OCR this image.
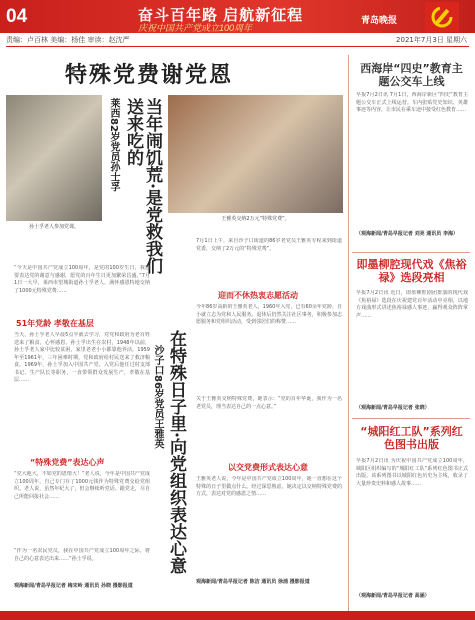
04	奋斗百年路 启航新征程
庆祝中国共产党成立100周年
青岛晚报
责编：卢百林 美编：杨佳 审读：赵沈严	2021年7月3日 星期六
特殊党费谢党恩
孙士孚老人参加党课。	当年闹饥荒·是党救我们送来吃的
莱西82岁党员孙士孚
王雅英交纳2万元“特殊党费”。
“今天是中国共产党成立100周年，是党的100岁生日，我想要表达党的谢意与感谢，愿党的百年生日更加繁荣昌盛。”7月1日一大早，莱西市望城街道孙士孚老人，满怀感恩特地交纳了1000元特殊党费……
51年党龄 孝敬在基层
当天，孙士孚老人早晨5点半就去学习，对党和政府为老百姓送来了粮食，心怀感恩。孙士孚出生在农村，1948年以前，孙士孚老人家中比较贫困，家里老老小小都靠他养活。1959年至1961年，三年困难时期，党和政府给村民送来了救济粮食。1969年，孙士孚加入中国共产党。入党后他任过村支部书记、生产队长等职务，一直带领群众发展生产，孝敬在基层……
“特殊党费”表达心声
“党大地大，不如党的恩情大！”老人说，今年是中国共产党成立100周年，自己专门存了1000元钱作为特殊党费交给党组织。老人说，虽然年纪大了，但会继续听党话、跟党走，尽自己所能回报社会……
“作为一名农民党员，我在中国共产党成立100周年之际，将自己的心意表达出来……”孙士孚说。
观海新闻/青岛早报记者 梅宋岭 通讯员 孙晓 摄影报道
在特殊日子里·向党组织表达心意
沙子口86岁党员王雅英
7月1日上午，来自沙子口街道的86岁老党员王雅英专程来到街道党委，交纳了2万元的“特殊党费”。
迎而不休热衷志愿活动
今年86岁高龄的王雅英老人，1960年入党，已有60余年党龄，自小就立志为党和人民服务。退休后仍然关注社区事务，积极参加志愿服务和党组织活动，受到邻居们的称赞……
关于王雅英交纳特殊党费，她表示：“党的百年华诞，我作为一名老党员，理当表达自己的一点心意。”
以交党费形式表达心意
王雅英老人说，今年是中国共产党成立100周年，她一直想在这个特殊的日子里做点什么。经过深思熟虑，她决定以交纳特殊党费的方式，表达对党的感恩之情……
观海新闻/青岛早报记者 陈洁 通讯员 徐浦 摄影报道
西海岸“四史”教育主题公交车上线
早报7月2日讯 7月1日，西海岸新区“四史”教育主题公交车正式上线运营。车内张贴党史知识、英雄事迹等内容，让市民在乘车途中接受红色教育……
（观海新闻/青岛早报记者 刘亮 通讯员 李海）
即墨柳腔现代戏《焦裕禄》选段亮相
早报7月2日讯 近日，即墨柳腔剧团排演的现代戏《焦裕禄》选段在庆祝建党百年活动中亮相，以地方戏曲形式讲述焦裕禄感人事迹，赢得观众阵阵掌声……
（观海新闻/青岛早报记者 张晓）
“城阳红工队”系列红色图书出版
早报7月2日讯 为庆祝中国共产党成立100周年，城阳区组织编写的“城阳红工队”系列红色图书正式出版。该系列图书以城阳红色历史为主线，收录了大量珍贵史料和感人故事……
（观海新闻/青岛早报记者 高涵）
